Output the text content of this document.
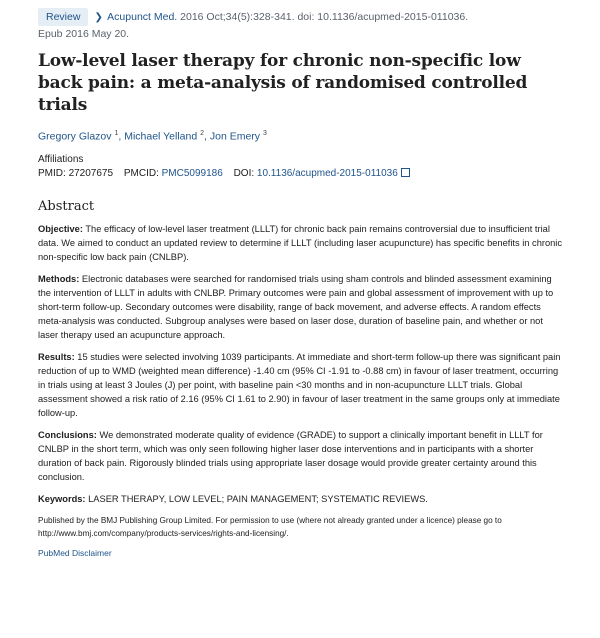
Review ❯ Acupunct Med. 2016 Oct;34(5):328-341. doi: 10.1136/acupmed-2015-011036.
Epub 2016 May 20.
Low-level laser therapy for chronic non-specific low back pain: a meta-analysis of randomised controlled trials
Gregory Glazov $^1$, Michael Yelland $^2$, Jon Emery $^3$
Affiliations
PMID: 27207675 PMCID: PMC5099186 DOI: 10.1136/acupmed-2015-011036
Abstract

Objective: The efficacy of low-level laser treatment (LLLT) for chronic back pain remains controversial due to insufficient trial data. We aimed to conduct an updated review to determine if LLLT (including laser acupuncture) has specific benefits in chronic non-specific low back pain (CNLBP).

Methods: Electronic databases were searched for randomised trials using sham controls and blinded assessment examining the intervention of LLLT in adults with CNLBP. Primary outcomes were pain and global assessment of improvement with up to short-term follow-up. Secondary outcomes were disability, range of back movement, and adverse effects. A random effects meta-analysis was conducted. Subgroup analyses were based on laser dose, duration of baseline pain, and whether or not laser therapy used an acupuncture approach.

Results: 15 studies were selected involving 1039 participants. At immediate and short-term follow-up there was significant pain reduction of up to WMD (weighted mean difference) -1.40 cm (95% CI -1.91 to -0.88 cm) in favour of laser treatment, occurring in trials using at least 3 Joules (J) per point, with baseline pain <30 months and in non-acupuncture LLLT trials. Global assessment showed a risk ratio of 2.16 (95% CI 1.61 to 2.90) in favour of laser treatment in the same groups only at immediate follow-up.

Conclusions: We demonstrated moderate quality of evidence (GRADE) to support a clinically important benefit in LLLT for CNLBP in the short term, which was only seen following higher laser dose interventions and in participants with a shorter duration of back pain. Rigorously blinded trials using appropriate laser dosage would provide greater certainty around this conclusion.

Keywords: LASER THERAPY, LOW LEVEL; PAIN MANAGEMENT; SYSTEMATIC REVIEWS.

Published by the BMJ Publishing Group Limited. For permission to use (where not already granted under a licence) please go to http://www.bmj.com/company/products-services/rights-and-licensing/.

PubMed Disclaimer
